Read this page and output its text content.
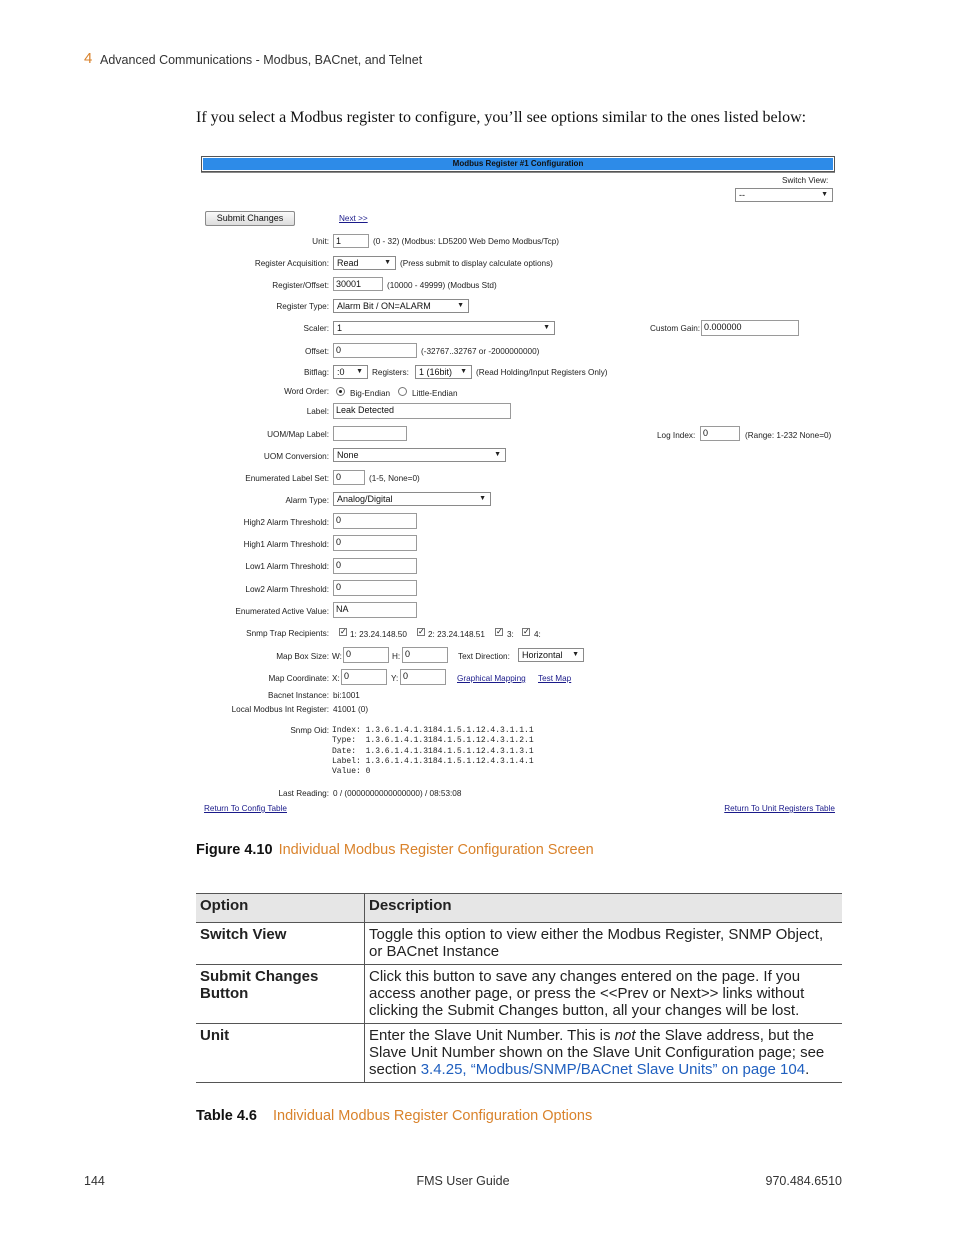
4 Advanced Communications - Modbus, BACnet, and Telnet
If you select a Modbus register to configure, you’ll see options similar to the ones listed below:
Modbus Register #1 Configuration
Switch View:
-- ▼
Submit Changes	Next >>
Unit: 1	(0 - 32) (Modbus: LD5200 Web Demo Modbus/Tcp)
Register Acquisition: Read ▼	(Press submit to display calculate options)
Register/Offset: 30001	(10000 - 49999) (Modbus Std)
Register Type: Alarm Bit / ON=ALARM ▼
Scaler: 1 ▼	Custom Gain: 0.000000
Offset: 0	(-32767..32767 or -2000000000)
Bitflag: :0 ▼	Registers:	1 (16bit) ▼	(Read Holding/Input Registers Only)
Word Order:	Big-Endian	Little-Endian
Label: Leak Detected
UOM/Map Label:	Log Index: 0	(Range: 1-232 None=0)
UOM Conversion: None ▼
Enumerated Label Set: 0	(1-5, None=0)
Alarm Type: Analog/Digital ▼
High2 Alarm Threshold: 0
High1 Alarm Threshold: 0
Low1 Alarm Threshold: 0
Low2 Alarm Threshold: 0
Enumerated Active Value: NA
Snmp Trap Recipients: ✓ 1: 23.24.148.50 ✓ 2: 23.24.148.51 ✓ 3: ✓ 4:
Map Box Size: W: 0	H: 0	Text Direction:	Horizontal ▼
Map Coordinate: X: 0	Y: 0	Graphical Mapping Test Map
Bacnet Instance: bi:1001
Local Modbus Int Register: 41001 (0)
Snmp Oid: Index: 1.3.6.1.4.1.3184.1.5.1.12.4.3.1.1.1
Type:  1.3.6.1.4.1.3184.1.5.1.12.4.3.1.2.1
Date:  1.3.6.1.4.1.3184.1.5.1.12.4.3.1.3.1
Label: 1.3.6.1.4.1.3184.1.5.1.12.4.3.1.4.1
Value: 0
Last Reading: 0 / (0000000000000000) / 08:53:08
Return To Config Table	Return To Unit Registers Table
Figure 4.10 Individual Modbus Register Configuration Screen
Option	Description
Switch View	Toggle this option to view either the Modbus Register, SNMP Object, or BACnet Instance
Submit Changes Button	Click this button to save any changes entered on the page. If you access another page, or press the <<Prev or Next>> links without clicking the Submit Changes button, all your changes will be lost.
Unit	Enter the Slave Unit Number. This is not the Slave address, but the Slave Unit Number shown on the Slave Unit Configuration page; see section 3.4.25, “Modbus/SNMP/BACnet Slave Units” on page 104.
Table 4.6 Individual Modbus Register Configuration Options
144	FMS User Guide	970.484.6510
